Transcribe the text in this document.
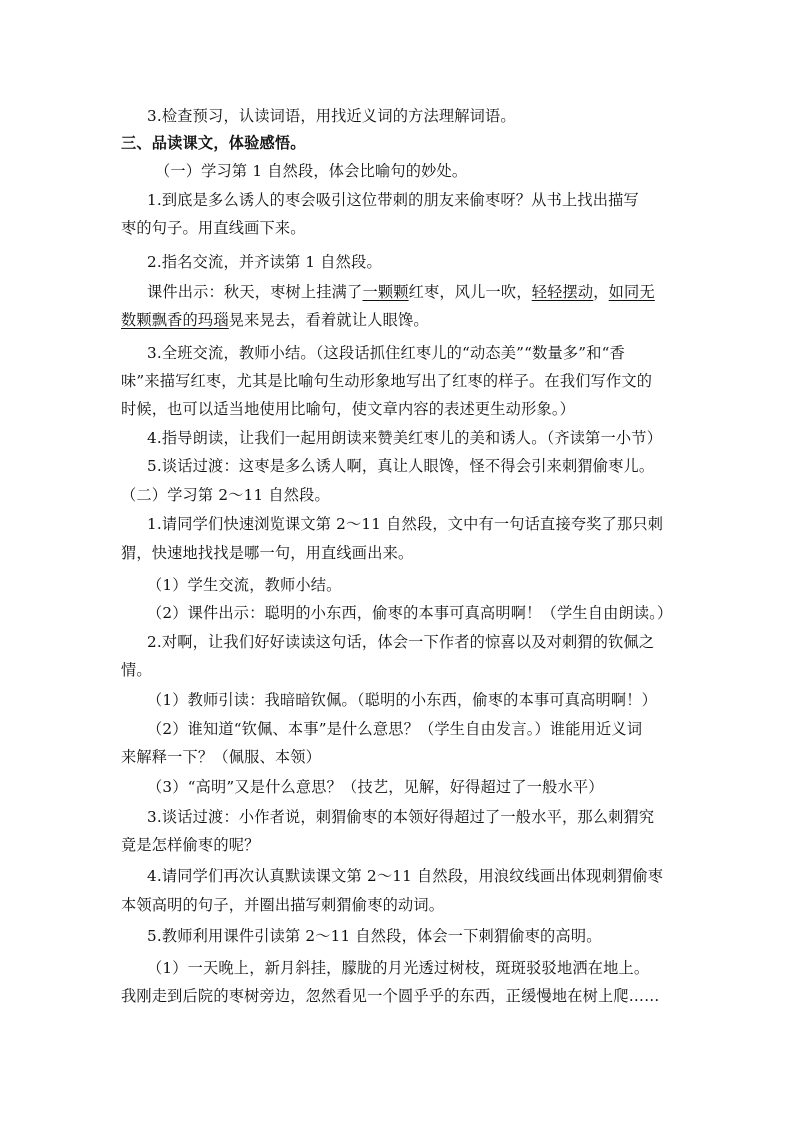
3.检查预习，认读词语，用找近义词的方法理解词语。
三、品读课文，体验感悟。
（一）学习第 1 自然段，体会比喻句的妙处。
1.到底是多么诱人的枣会吸引这位带刺的朋友来偷枣呀？从书上找出描写
枣的句子。用直线画下来。
2.指名交流，并齐读第 1 自然段。
课件出示：秋天，枣树上挂满了一颗颗红枣，风儿一吹，轻轻摆动，如同无
数颗飘香的玛瑙晃来晃去，看着就让人眼馋。
3.全班交流，教师小结。（这段话抓住红枣儿的“动态美”“数量多”和“香
味”来描写红枣，尤其是比喻句生动形象地写出了红枣的样子。在我们写作文的
时候，也可以适当地使用比喻句，使文章内容的表述更生动形象。）
4.指导朗读，让我们一起用朗读来赞美红枣儿的美和诱人。（齐读第一小节）
5.谈话过渡：这枣是多么诱人啊，真让人眼馋，怪不得会引来刺猬偷枣儿。
（二）学习第 2～11 自然段。
1.请同学们快速浏览课文第 2～11 自然段，文中有一句话直接夸奖了那只刺
猬，快速地找找是哪一句，用直线画出来。
（1）学生交流，教师小结。
（2）课件出示：聪明的小东西，偷枣的本事可真高明啊！（学生自由朗读。）
2.对啊，让我们好好读读这句话，体会一下作者的惊喜以及对刺猬的钦佩之
情。
（1）教师引读：我暗暗钦佩。（聪明的小东西，偷枣的本事可真高明啊！）
（2）谁知道“钦佩、本事”是什么意思？（学生自由发言。）谁能用近义词
来解释一下？（佩服、本领）
（3）“高明”又是什么意思？（技艺，见解，好得超过了一般水平）
3.谈话过渡：小作者说，刺猬偷枣的本领好得超过了一般水平，那么刺猬究
竟是怎样偷枣的呢？
4.请同学们再次认真默读课文第 2～11 自然段，用浪纹线画出体现刺猬偷枣
本领高明的句子，并圈出描写刺猬偷枣的动词。
5.教师利用课件引读第 2～11 自然段，体会一下刺猬偷枣的高明。
（1）一天晚上，新月斜挂，朦胧的月光透过树枝，斑斑驳驳地洒在地上。
我刚走到后院的枣树旁边，忽然看见一个圆乎乎的东西，正缓慢地在树上爬……
